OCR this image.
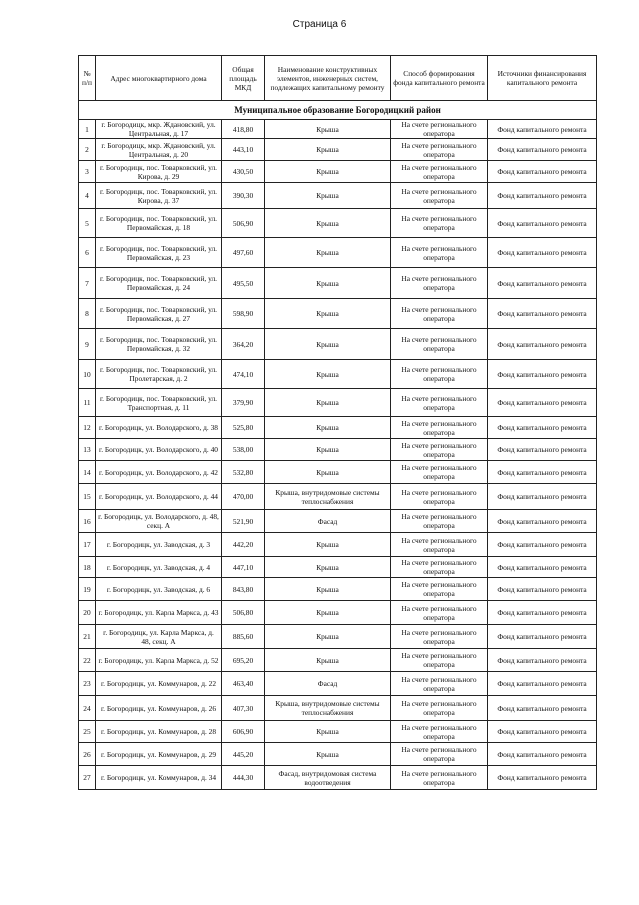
Страница 6
№ п/п	Адрес многоквартирного дома	Общая площадь МКД	Наименование конструктивных элементов, инженерных систем, подлежащих капитальному ремонту	Способ формирования фонда капитального ремонта	Источники финансирования капитального ремонта
Муниципальное образование Богородицкий район					
1	г. Богородицк, мкр. Ждановский, ул. Центральная, д. 17	418,80	Крыша	На счете регионального оператора	Фонд капитального ремонта
2	г. Богородицк, мкр. Ждановский, ул. Центральная, д. 20	443,10	Крыша	На счете регионального оператора	Фонд капитального ремонта
3	г. Богородицк, пос. Товарковский, ул. Кирова, д. 29	430,50	Крыша	На счете регионального оператора	Фонд капитального ремонта
4	г. Богородицк, пос. Товарковский, ул. Кирова, д. 37	390,30	Крыша	На счете регионального оператора	Фонд капитального ремонта
5	г. Богородицк, пос. Товарковский, ул. Первомайская, д. 18	506,90	Крыша	На счете регионального оператора	Фонд капитального ремонта
6	г. Богородицк, пос. Товарковский, ул. Первомайская, д. 23	497,60	Крыша	На счете регионального оператора	Фонд капитального ремонта
7	г. Богородицк, пос. Товарковский, ул. Первомайская, д. 24	495,50	Крыша	На счете регионального оператора	Фонд капитального ремонта
8	г. Богородицк, пос. Товарковский, ул. Первомайская, д. 27	598,90	Крыша	На счете регионального оператора	Фонд капитального ремонта
9	г. Богородицк, пос. Товарковский, ул. Первомайская, д. 32	364,20	Крыша	На счете регионального оператора	Фонд капитального ремонта
10	г. Богородицк, пос. Товарковский, ул. Пролетарская, д. 2	474,10	Крыша	На счете регионального оператора	Фонд капитального ремонта
11	г. Богородицк, пос. Товарковский, ул. Транспортная, д. 11	379,90	Крыша	На счете регионального оператора	Фонд капитального ремонта
12	г. Богородицк, ул. Володарского, д. 38	525,80	Крыша	На счете регионального оператора	Фонд капитального ремонта
13	г. Богородицк, ул. Володарского, д. 40	538,00	Крыша	На счете регионального оператора	Фонд капитального ремонта
14	г. Богородицк, ул. Володарского, д. 42	532,80	Крыша	На счете регионального оператора	Фонд капитального ремонта
15	г. Богородицк, ул. Володарского, д. 44	470,00	Крыша, внутридомовые системы теплоснабжения	На счете регионального оператора	Фонд капитального ремонта
16	г. Богородицк, ул. Володарского, д. 48, секц. А	521,90	Фасад	На счете регионального оператора	Фонд капитального ремонта
17	г. Богородицк, ул. Заводская, д. 3	442,20	Крыша	На счете регионального оператора	Фонд капитального ремонта
18	г. Богородицк, ул. Заводская, д. 4	447,10	Крыша	На счете регионального оператора	Фонд капитального ремонта
19	г. Богородицк, ул. Заводская, д. 6	843,80	Крыша	На счете регионального оператора	Фонд капитального ремонта
20	г. Богородицк, ул. Карла Маркса, д. 43	506,80	Крыша	На счете регионального оператора	Фонд капитального ремонта
21	г. Богородицк, ул. Карла Маркса, д. 48, секц. А	885,60	Крыша	На счете регионального оператора	Фонд капитального ремонта
22	г. Богородицк, ул. Карла Маркса, д. 52	695,20	Крыша	На счете регионального оператора	Фонд капитального ремонта
23	г. Богородицк, ул. Коммунаров, д. 22	463,40	Фасад	На счете регионального оператора	Фонд капитального ремонта
24	г. Богородицк, ул. Коммунаров, д. 26	407,30	Крыша, внутридомовые системы теплоснабжения	На счете регионального оператора	Фонд капитального ремонта
25	г. Богородицк, ул. Коммунаров, д. 28	606,90	Крыша	На счете регионального оператора	Фонд капитального ремонта
26	г. Богородицк, ул. Коммунаров, д. 29	445,20	Крыша	На счете регионального оператора	Фонд капитального ремонта
27	г. Богородицк, ул. Коммунаров, д. 34	444,30	Фасад, внутридомовая система водоотведения	На счете регионального оператора	Фонд капитального ремонта
